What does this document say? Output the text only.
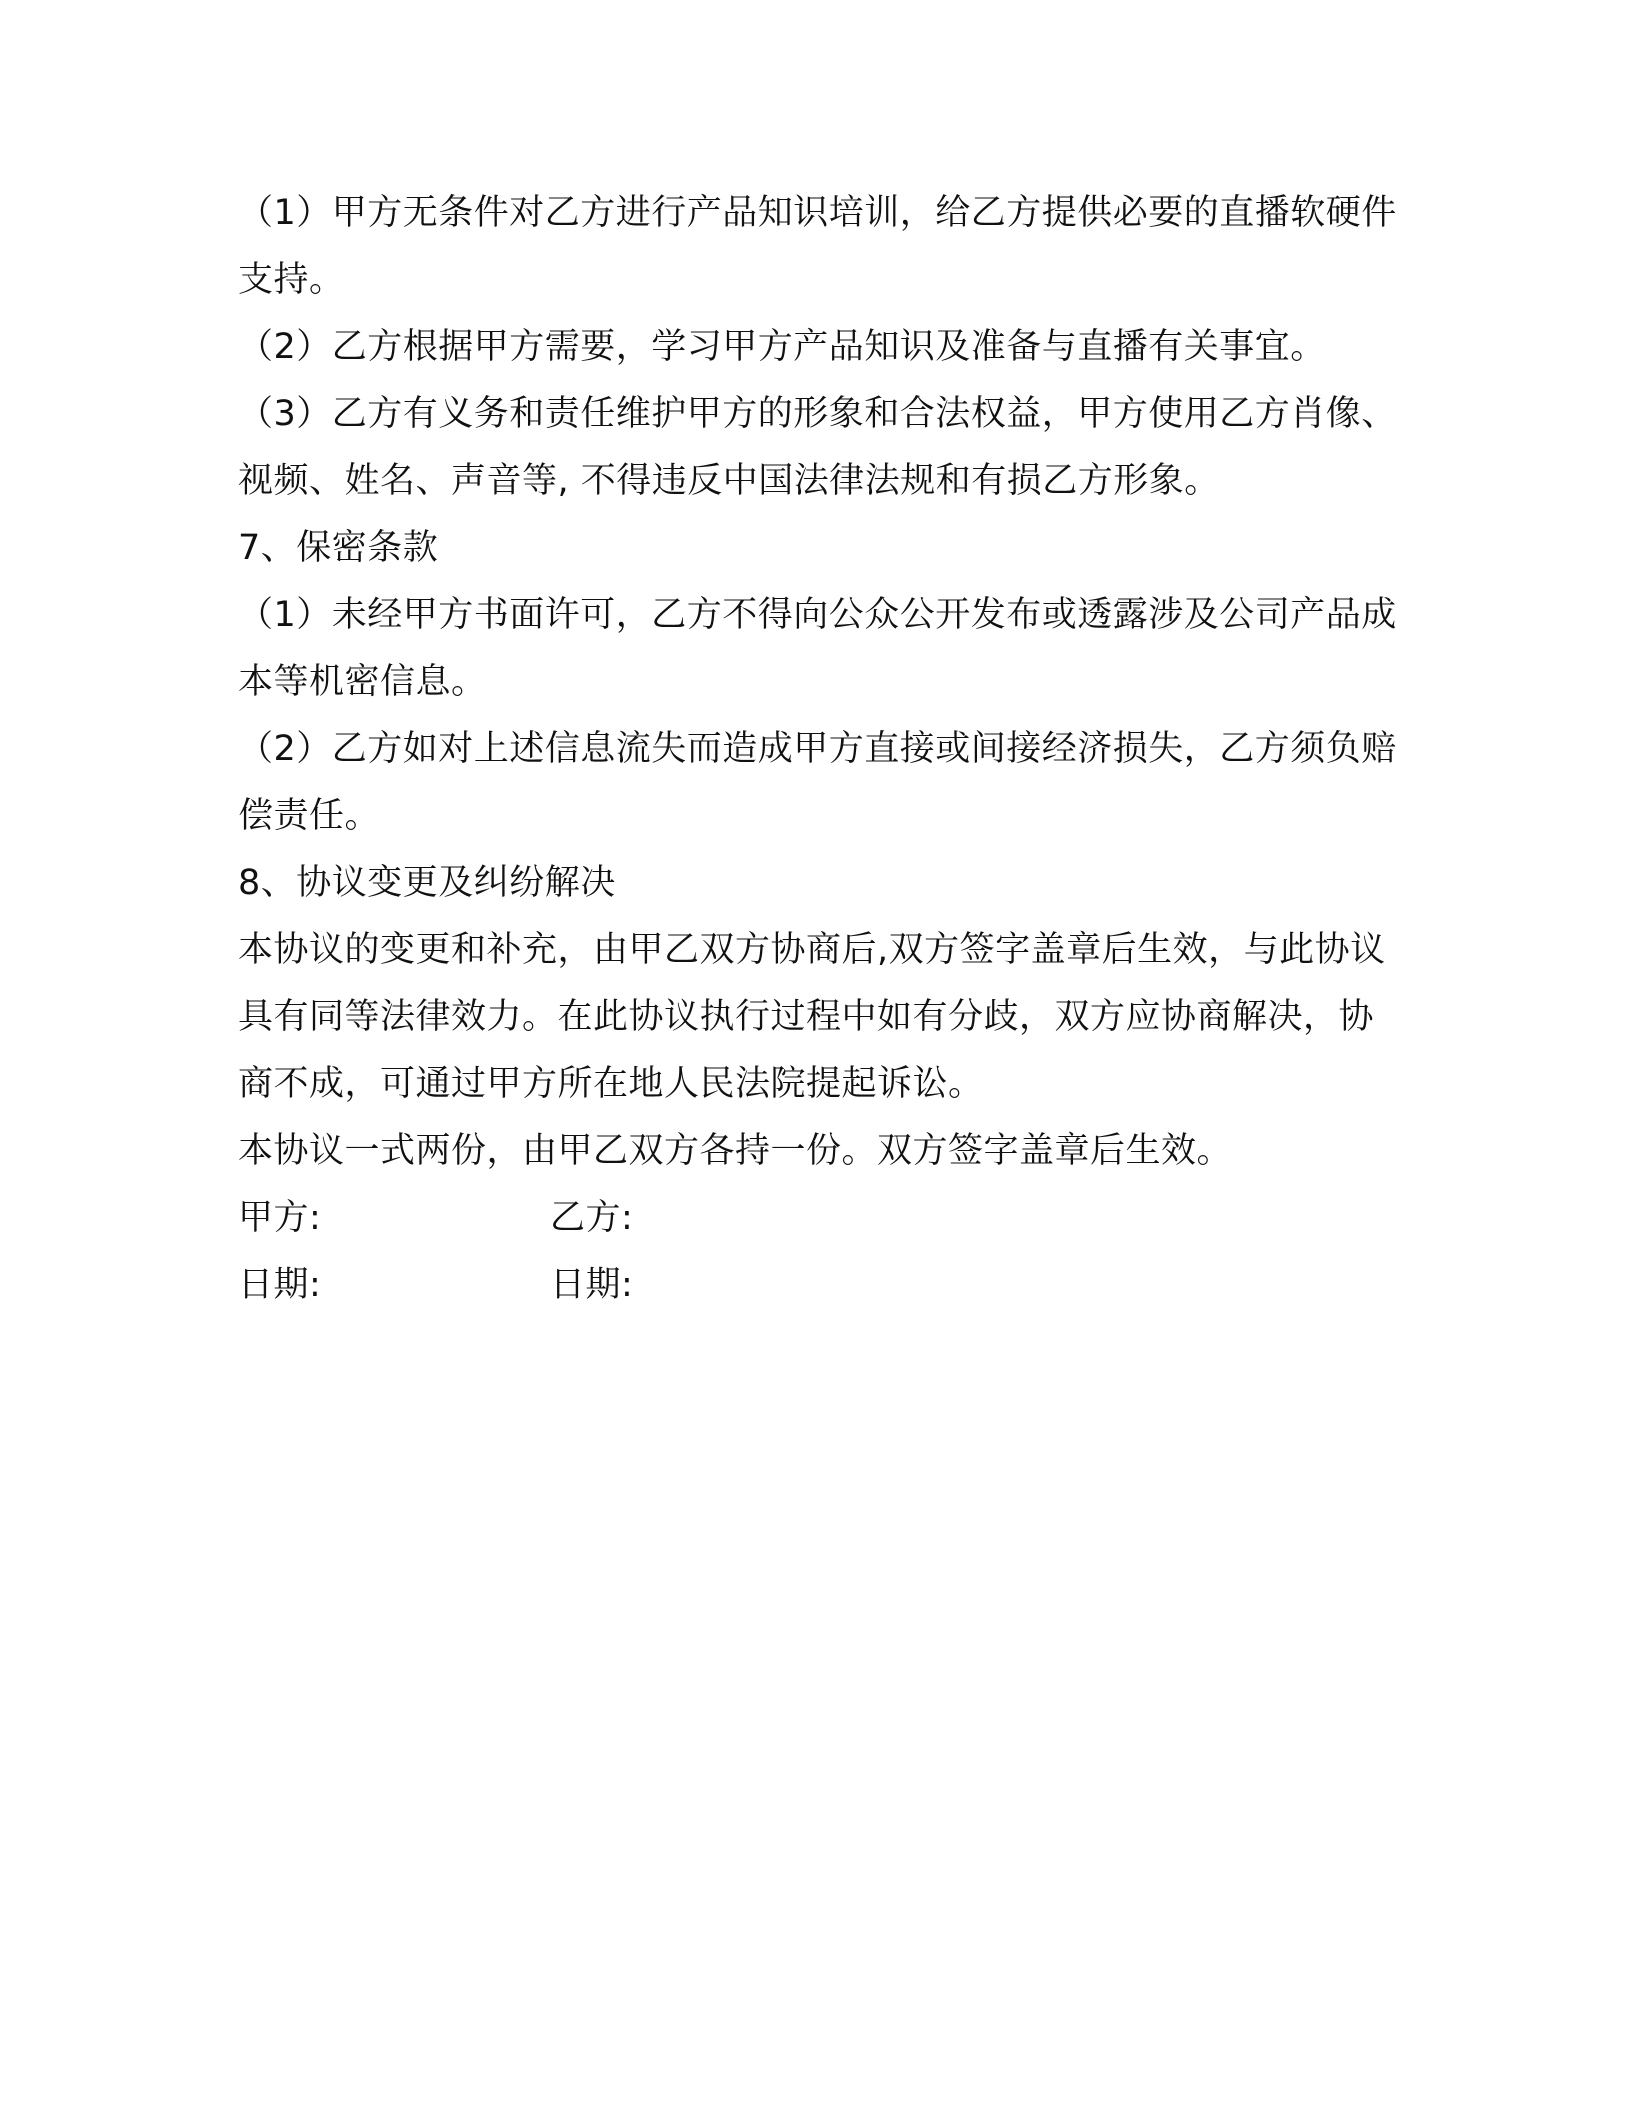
（1）甲方无条件对乙方进行产品知识培训，给乙方提供必要的直播软硬件支持。

（2）乙方根据甲方需要，学习甲方产品知识及准备与直播有关事宜。

（3）乙方有义务和责任维护甲方的形象和合法权益，甲方使用乙方肖像、视频、姓名、声音等, 不得违反中国法律法规和有损乙方形象。

7、保密条款

（1）未经甲方书面许可，乙方不得向公众公开发布或透露涉及公司产品成本等机密信息。

（2）乙方如对上述信息流失而造成甲方直接或间接经济损失，乙方须负赔偿责任。

8、协议变更及纠纷解决

本协议的变更和补充，由甲乙双方协商后,双方签字盖章后生效，与此协议具有同等法律效力。在此协议执行过程中如有分歧，双方应协商解决，协商不成，可通过甲方所在地人民法院提起诉讼。

本协议一式两份，由甲乙双方各持一份。双方签字盖章后生效。

甲方:	乙方:
日期:	日期:
